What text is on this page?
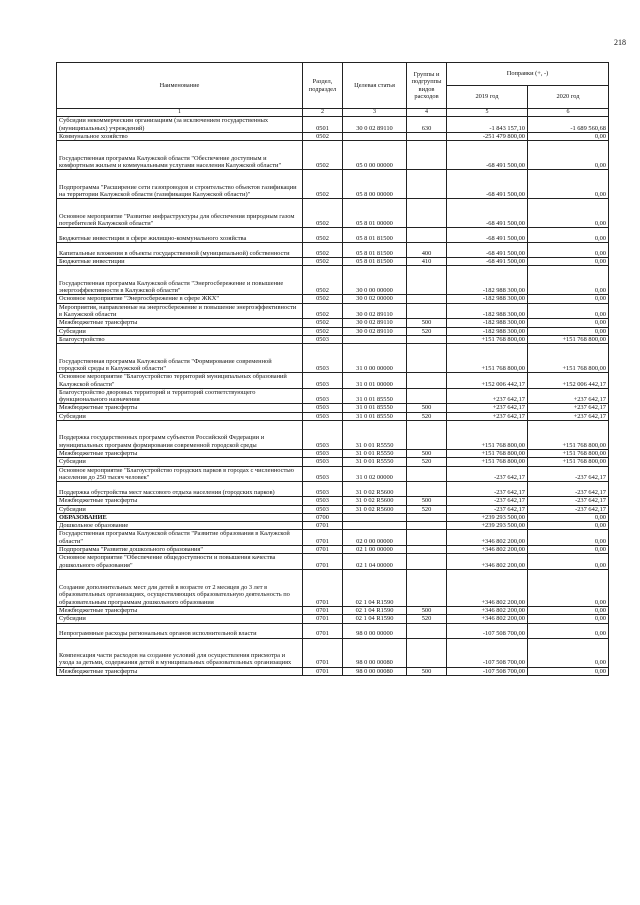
218
Наименование	Раздел, подраздел	Целевая статья	Группы и подгруппы видов расходов	Поправки (+, -)	
				2019 год	2020 год
1	2	3	4	5	6
Субсидии некоммерческим организациям (за исключением государственных (муниципальных) учреждений)	0501	30 0 02 89110	630	-1 843 157,10	-1 689 560,68
Коммунальное хозяйство	0502			-251 479 800,00	0,00
Государственная программа Калужской области "Обеспечение доступным и комфортным жильем и коммунальными услугами населения Калужской области"	0502	05 0 00 00000		-68 491 500,00	0,00
Подпрограмма "Расширение сети газопроводов и строительство объектов газификации на территории Калужской области (газификация Калужской области)"	0502	05 8 00 00000		-68 491 500,00	0,00
Основное мероприятие "Развитие инфраструктуры для обеспечения природным газом потребителей Калужской области"	0502	05 8 01 00000		-68 491 500,00	0,00
Бюджетные инвестиции в сфере жилищно-коммунального хозяйства	0502	05 8 01 81500		-68 491 500,00	0,00
Капитальные вложения в объекты государственной (муниципальной) собственности	0502	05 8 01 81500	400	-68 491 500,00	0,00
Бюджетные инвестиции	0502	05 8 01 81500	410	-68 491 500,00	0,00
Государственная программа Калужской области "Энергосбережение и повышение энергоэффективности в Калужской области"	0502	30 0 00 00000		-182 988 300,00	0,00
Основное мероприятие "Энергосбережение в сфере ЖКХ"	0502	30 0 02 00000		-182 988 300,00	0,00
Мероприятия, направленные на энергосбережение и повышение энергоэффективности в Калужской области	0502	30 0 02 89110		-182 988 300,00	0,00
Межбюджетные трансферты	0502	30 0 02 89110	500	-182 988 300,00	0,00
Субсидии	0502	30 0 02 89110	520	-182 988 300,00	0,00
Благоустройство	0503			+151 768 800,00	+151 768 800,00
Государственная программа Калужской области "Формирование современной городской среды в Калужской области"	0503	31 0 00 00000		+151 768 800,00	+151 768 800,00
Основное мероприятие "Благоустройство территорий муниципальных образований Калужской области"	0503	31 0 01 00000		+152 006 442,17	+152 006 442,17
Благоустройство дворовых территорий и территорий соответствующего функционального назначения	0503	31 0 01 85550		+237 642,17	+237 642,17
Межбюджетные трансферты	0503	31 0 01 85550	500	+237 642,17	+237 642,17
Субсидии	0503	31 0 01 85550	520	+237 642,17	+237 642,17
Поддержка государственных программ субъектов Российской Федерации и муниципальных программ формирования современной городской среды	0503	31 0 01 R5550		+151 768 800,00	+151 768 800,00
Межбюджетные трансферты	0503	31 0 01 R5550	500	+151 768 800,00	+151 768 800,00
Субсидии	0503	31 0 01 R5550	520	+151 768 800,00	+151 768 800,00
Основное мероприятие "Благоустройство городских парков в городах с численностью населения до 250 тысяч человек"	0503	31 0 02 00000		-237 642,17	-237 642,17
Поддержка обустройства мест массового отдыха населения (городских парков)	0503	31 0 02 R5600		-237 642,17	-237 642,17
Межбюджетные трансферты	0503	31 0 02 R5600	500	-237 642,17	-237 642,17
Субсидии	0503	31 0 02 R5600	520	-237 642,17	-237 642,17
ОБРАЗОВАНИЕ	0700			+239 293 500,00	0,00
Дошкольное образование	0701			+239 293 500,00	0,00
Государственная программа Калужской области "Развитие образования в Калужской области"	0701	02 0 00 00000		+346 802 200,00	0,00
Подпрограмма "Развитие дошкольного образования"	0701	02 1 00 00000		+346 802 200,00	0,00
Основное мероприятие "Обеспечение общедоступности и повышения качества дошкольного образования"	0701	02 1 04 00000		+346 802 200,00	0,00
Создание дополнительных мест для детей в возрасте от 2 месяцев до 3 лет в образовательных организациях, осуществляющих образовательную деятельность по образовательным программам дошкольного образования	0701	02 1 04 R1590		+346 802 200,00	0,00
Межбюджетные трансферты	0701	02 1 04 R1590	500	+346 802 200,00	0,00
Субсидии	0701	02 1 04 R1590	520	+346 802 200,00	0,00
Непрограммные расходы региональных органов исполнительной власти	0701	98 0 00 00000		-107 508 700,00	0,00
Компенсация части расходов на создание условий для осуществления присмотра и ухода за детьми, содержания детей в муниципальных образовательных организациях	0701	98 0 00 00080		-107 508 700,00	0,00
Межбюджетные трансферты	0701	98 0 00 00080	500	-107 508 700,00	0,00
